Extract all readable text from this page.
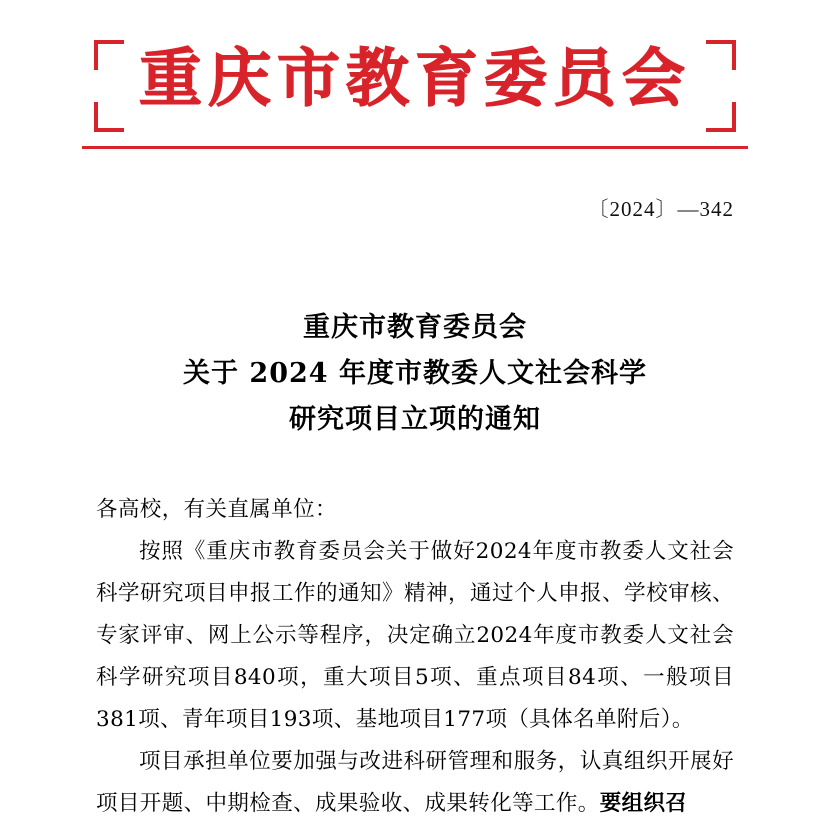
重庆市教育委员会
〔2024〕—342
重庆市教育委员会
关于 2024 年度市教委人文社会科学
研究项目立项的通知

各高校，有关直属单位：

按照《重庆市教育委员会关于做好2024年度市教委人文社会科学研究项目申报工作的通知》精神，通过个人申报、学校审核、专家评审、网上公示等程序，决定确立2024年度市教委人文社会科学研究项目840项，重大项目5项、重点项目84项、一般项目381项、青年项目193项、基地项目177项（具体名单附后）。

项目承担单位要加强与改进科研管理和服务，认真组织开展好项目开题、中期检查、成果验收、成果转化等工作。要组织召
